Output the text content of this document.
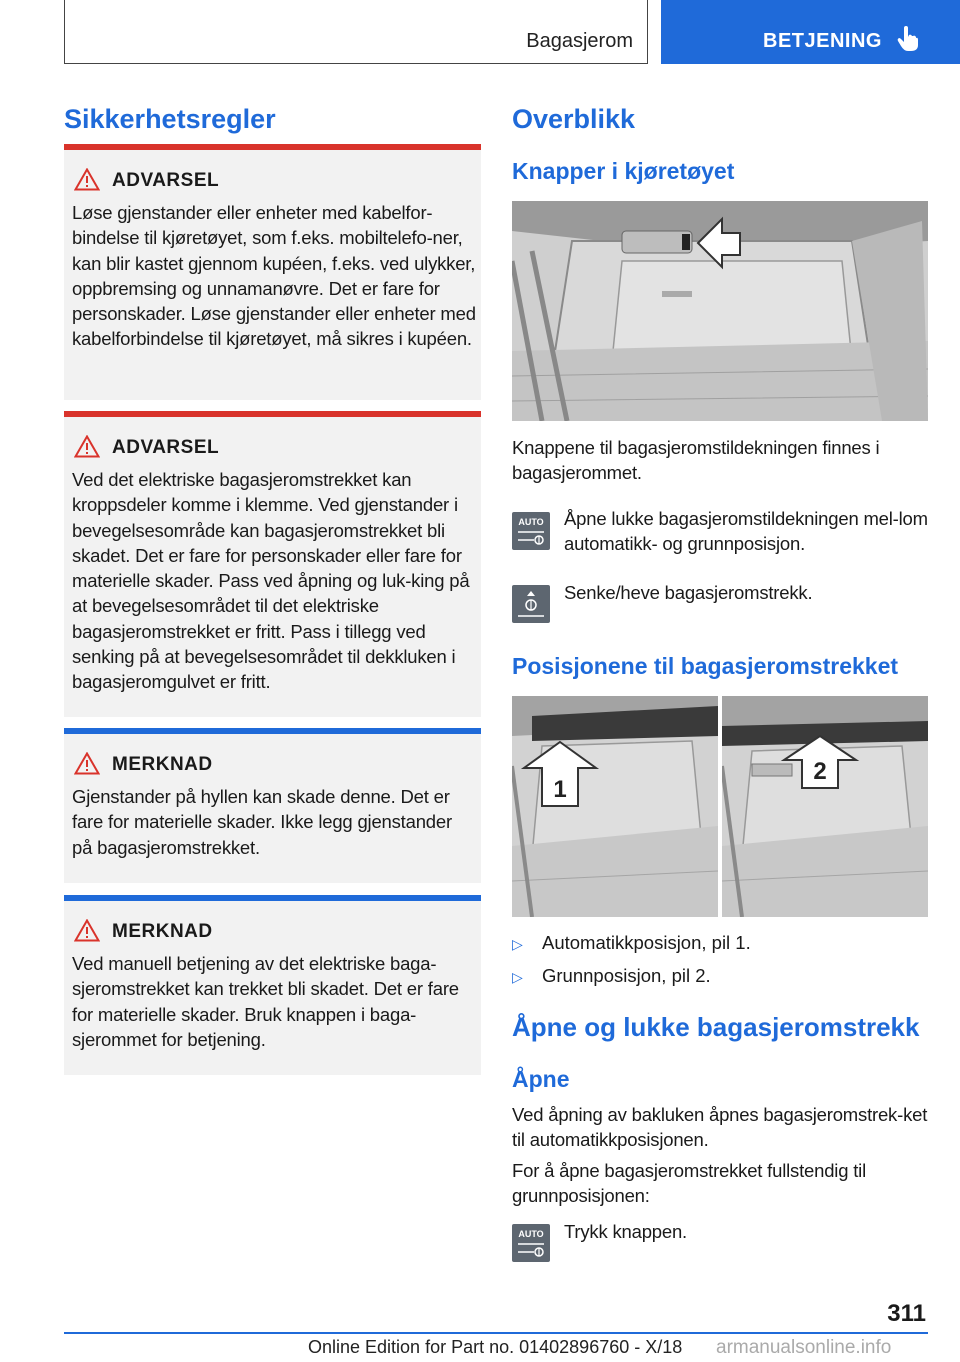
Bagasjerom	BETJENING
Sikkerhetsregler
ADVARSEL
Løse gjenstander eller enheter med kabelfor-bindelse til kjøretøyet, som f.eks. mobiltelefo-ner, kan blir kastet gjennom kupéen, f.eks. ved ulykker, oppbremsing og unnamanøvre. Det er fare for personskader. Løse gjenstander eller enheter med kabelforbindelse til kjøretøyet, må sikres i kupéen.
ADVARSEL
Ved det elektriske bagasjeromstrekket kan kroppsdeler komme i klemme. Ved gjenstander i bevegelsesområde kan bagasjeromstrekket bli skadet. Det er fare for personskader eller fare for materielle skader. Pass ved åpning og luk-king på at bevegelsesområdet til det elektriske bagasjeromstrekket er fritt. Pass i tillegg ved senking på at bevegelsesområdet til dekkluken i bagasjeromgulvet er fritt.
MERKNAD
Gjenstander på hyllen kan skade denne. Det er fare for materielle skader. Ikke legg gjenstander på bagasjeromstrekket.
MERKNAD
Ved manuell betjening av det elektriske baga-sjeromstrekket kan trekket bli skadet. Det er fare for materielle skader. Bruk knappen i baga-sjerommet for betjening.
Overblikk
Knapper i kjøretøyet
Knappene til bagasjeromstildekningen finnes i bagasjerommet.
AUTO Åpne lukke bagasjeromstildekningen mel-lom automatikk- og grunnposisjon.
Senke/heve bagasjeromstrekk.
Posisjonene til bagasjeromstrekket
1
2
▷ Automatikkposisjon, pil 1.
▷ Grunnposisjon, pil 2.
Åpne og lukke bagasjeromstrekk
Åpne
Ved åpning av bakluken åpnes bagasjeromstrek-ket til automatikkposisjonen.
For å åpne bagasjeromstrekket fullstendig til grunnposisjonen:
AUTO Trykk knappen.
311
Online Edition for Part no. 01402896760 - X/18 armanualsonline.info
